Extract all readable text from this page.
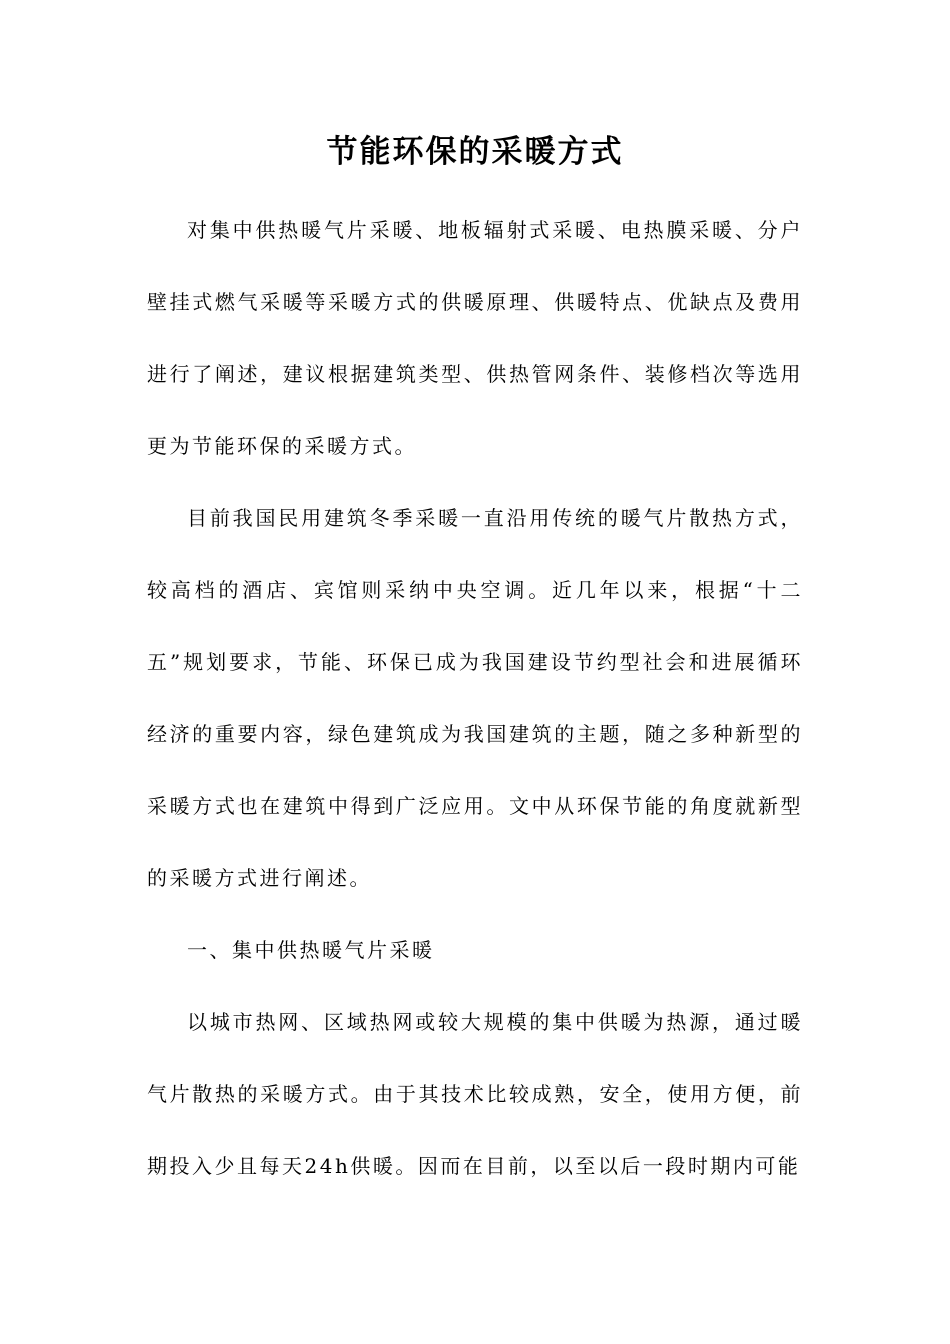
节能环保的采暖方式

对集中供热暖气片采暖、地板辐射式采暖、电热膜采暖、分户壁挂式燃气采暖等采暖方式的供暖原理、供暖特点、优缺点及费用进行了阐述，建议根据建筑类型、供热管网条件、装修档次等选用更为节能环保的采暖方式。

目前我国民用建筑冬季采暖一直沿用传统的暖气片散热方式，较高档的酒店、宾馆则采纳中央空调。近几年以来，根据“十二五”规划要求，节能、环保已成为我国建设节约型社会和进展循环经济的重要内容，绿色建筑成为我国建筑的主题，随之多种新型的采暖方式也在建筑中得到广泛应用。文中从环保节能的角度就新型的采暖方式进行阐述。

一、集中供热暖气片采暖

以城市热网、区域热网或较大规模的集中供暖为热源，通过暖气片散热的采暖方式。由于其技术比较成熟，安全，使用方便，前期投入少且每天24h供暖。因而在目前，以至以后一段时期内可能
